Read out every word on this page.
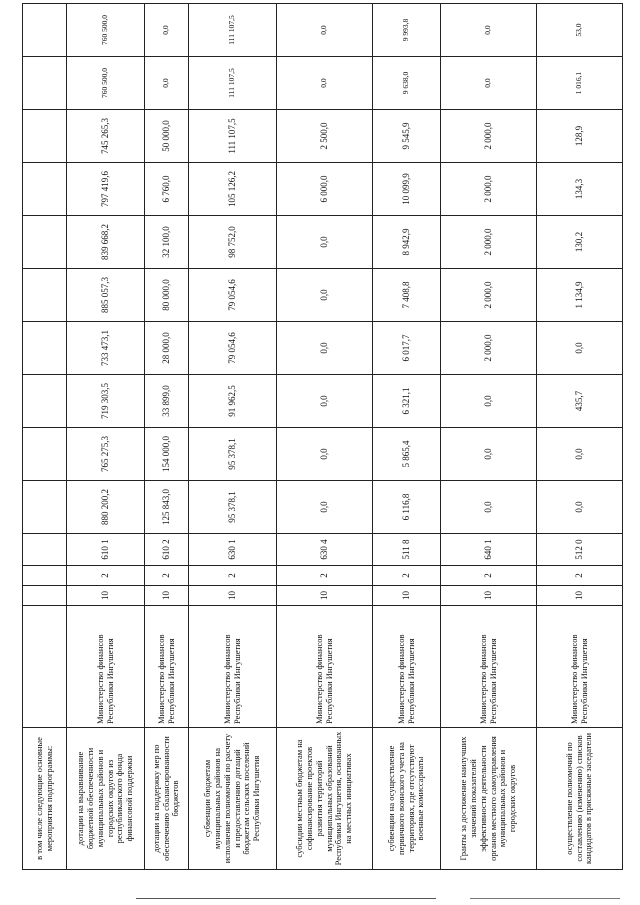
в том числе следующие основные мероприятия подпрограммы:														
дотации на выравнивание бюджетной обеспеченности муниципальных районов и городских округов из республиканского фонда финансовой поддержки	Министерство финансов Республики Ингушетия	10	2	610 1	880 200,2	765 275,3	719 303,5	733 473,1	885 057,3	839 668,2	797 419,6	745 265,3	760 500,0	760 500,0
дотации на поддержку мер по обеспечению сбалансированности бюджетов	Министерство финансов Республики Ингушетия	10	2	610 2	125 843,0	154 000,0	33 899,0	28 000,0	80 000,0	32 100,0	6 760,0	50 000,0	0,0	0,0
субвенции бюджетам муниципальных районов на исполнение полномочий по расчету и предоставлению дотаций бюджетам сельских поселений Республики Ингушетия	Министерство финансов Республики Ингушетия	10	2	630 1	95 378,1	95 378,1	91 962,5	79 054,6	79 054,6	98 752,0	105 126,2	111 107,5	111 107,5	111 107,5
субсидии местным бюджетам на софинансирование проектов развития территорий муниципальных образований Республики Ингушетия, основанных на местных инициативах	Министерство финансов Республики Ингушетия	10	2	630 4	0,0	0,0	0,0	0,0	0,0	0,0	6 000,0	2 500,0	0,0	0,0
субвенции на осуществление первичного воинского учета на территориях, где отсутствуют военные комиссариаты	Министерство финансов Республики Ингушетия	10	2	511 8	6 116,8	5 865,4	6 321,1	6 017,7	7 408,8	8 942,9	10 099,9	9 545,9	9 638,0	9 993,8
Гранты за достижение наилучших значений показателей эффективности деятельности органов местного самоуправления муниципальных районов и городских округов	Министерство финансов Республики Ингушетия	10	2	640 1	0,0	0,0	0,0	2 000,0	2 000,0	2 000,0	2 000,0	2 000,0	0,0	0,0
осуществление полномочий по составлению (изменению) списков кандидатов в присяжные заседатели	Министерство финансов Республики Ингушетия	10	2	512 0	0,0	0,0	435,7	0,0	1 134,9	130,2	134,3	128,9	1 016,1	53,0
